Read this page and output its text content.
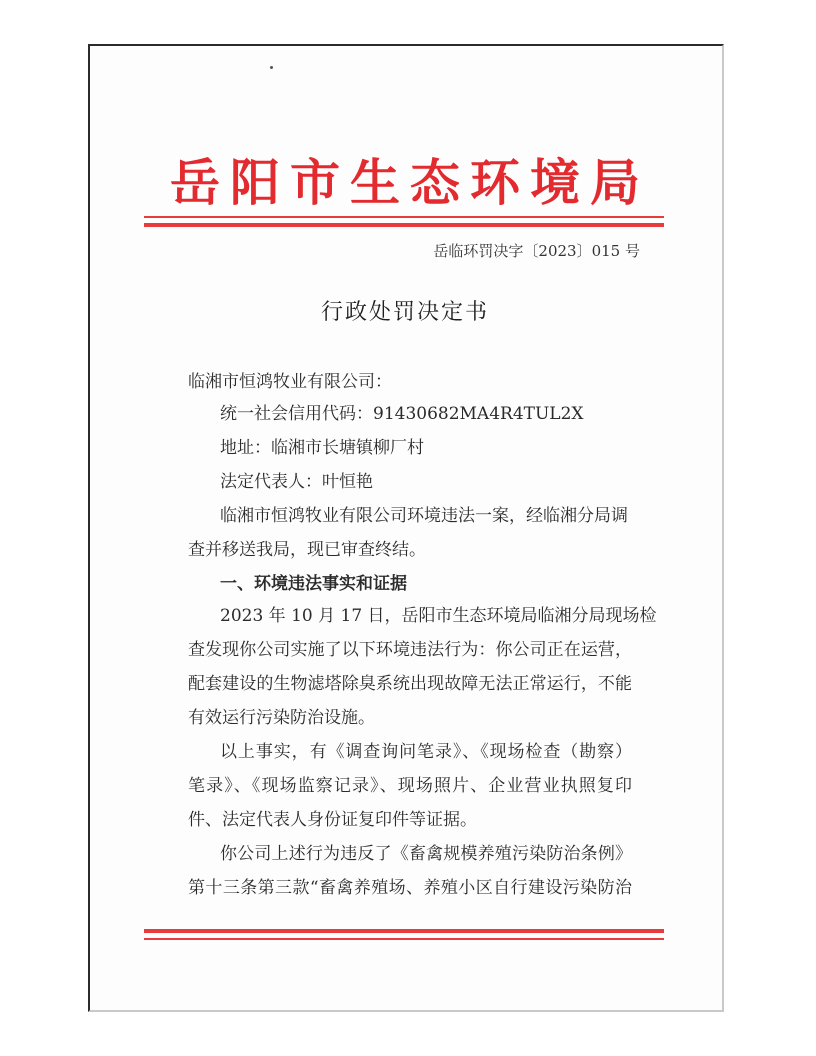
岳阳市生态环境局
岳临环罚决字〔2023〕015 号
行政处罚决定书
临湘市恒鸿牧业有限公司：
统一社会信用代码：91430682MA4R4TUL2X
地址：临湘市长塘镇柳厂村
法定代表人：叶恒艳
临湘市恒鸿牧业有限公司环境违法一案，经临湘分局调
查并移送我局，现已审查终结。
一、环境违法事实和证据
2023 年 10 月 17 日，岳阳市生态环境局临湘分局现场检
查发现你公司实施了以下环境违法行为：你公司正在运营，
配套建设的生物滤塔除臭系统出现故障无法正常运行，不能
有效运行污染防治设施。
以上事实，有《调查询问笔录》、《现场检查（勘察）
笔录》、《现场监察记录》、现场照片、企业营业执照复印
件、法定代表人身份证复印件等证据。
你公司上述行为违反了《畜禽规模养殖污染防治条例》
第十三条第三款“畜禽养殖场、养殖小区自行建设污染防治
